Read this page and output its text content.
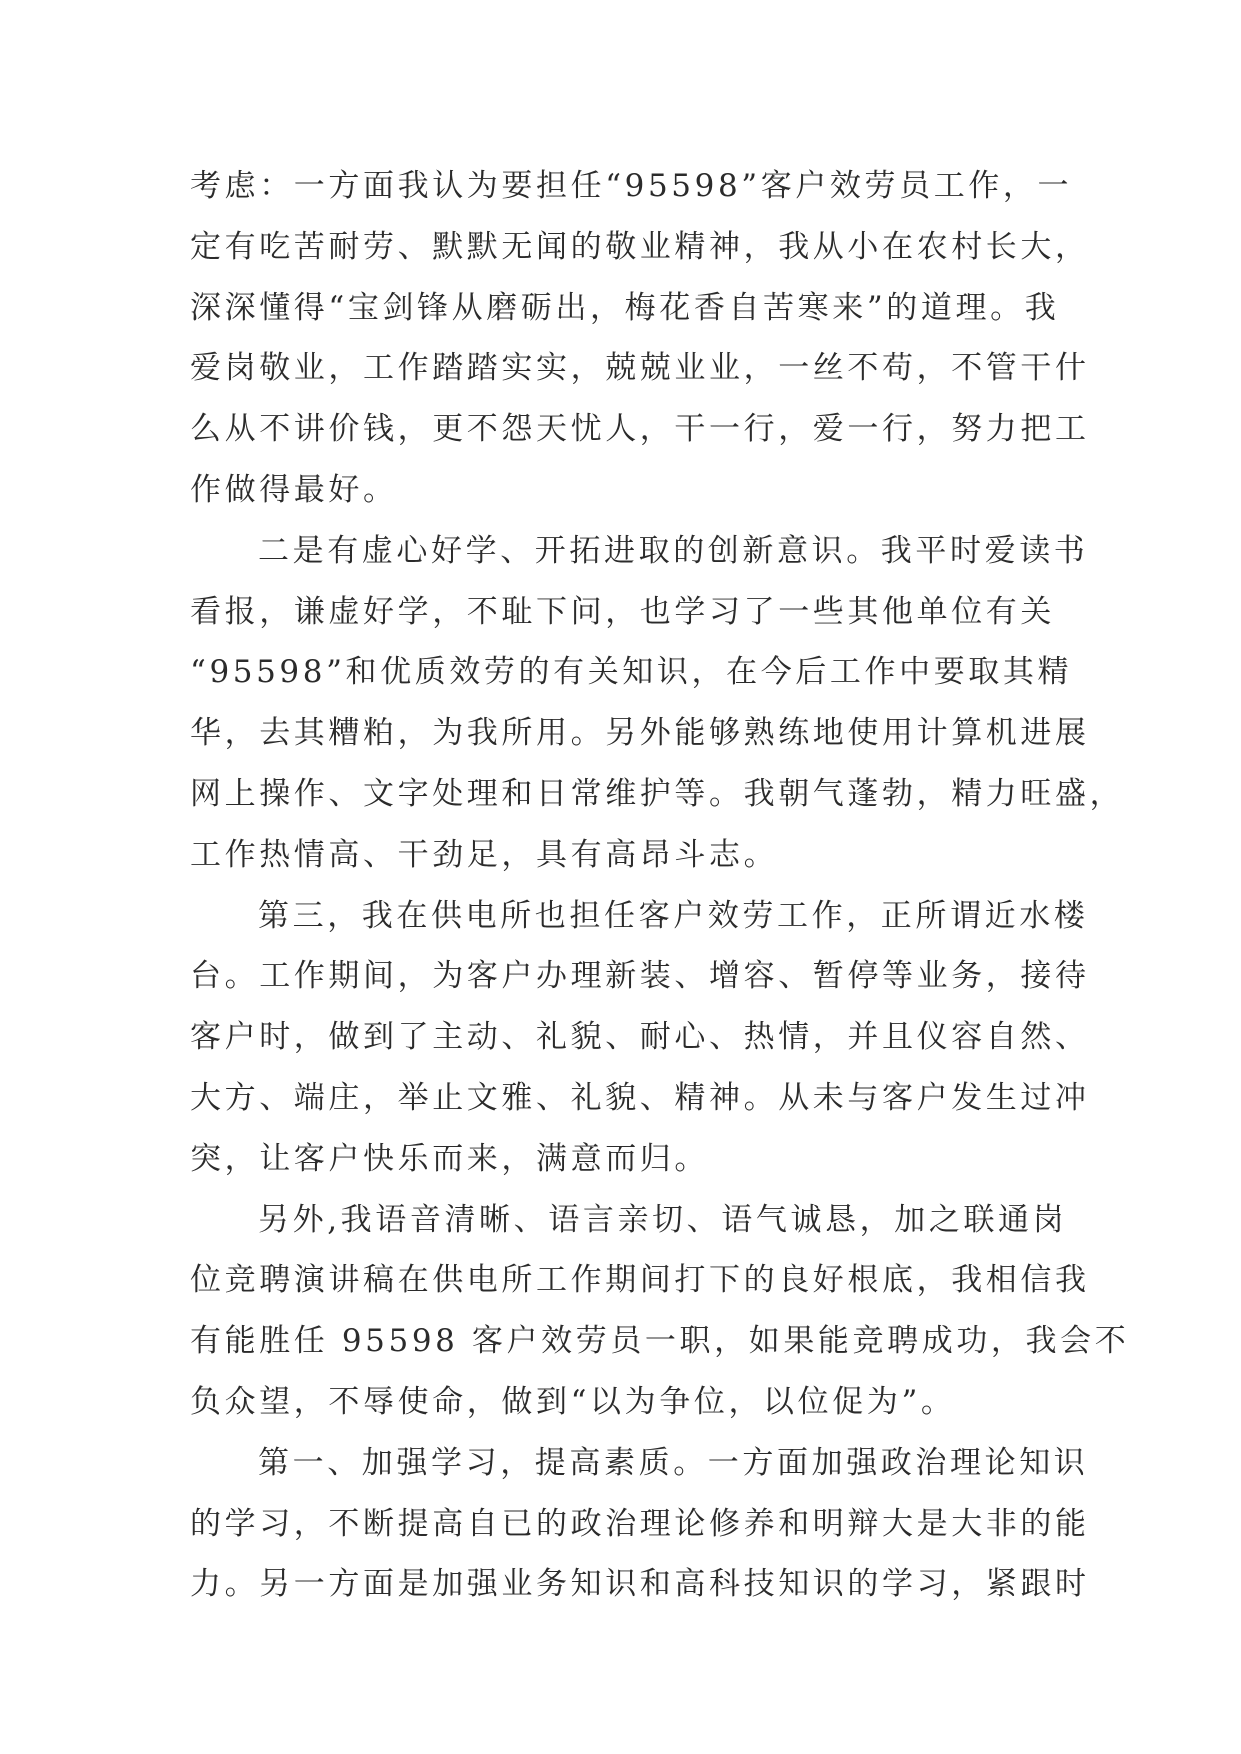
考虑：一方面我认为要担任“95598”客户效劳员工作，一
定有吃苦耐劳、默默无闻的敬业精神，我从小在农村长大，
深深懂得“宝剑锋从磨砺出，梅花香自苦寒来”的道理。我
爱岗敬业，工作踏踏实实，兢兢业业，一丝不苟，不管干什
么从不讲价钱，更不怨天忧人，干一行，爱一行，努力把工
作做得最好。
二是有虚心好学、开拓进取的创新意识。我平时爱读书
看报，谦虚好学，不耻下问，也学习了一些其他单位有关
“95598”和优质效劳的有关知识，在今后工作中要取其精
华，去其糟粕，为我所用。另外能够熟练地使用计算机进展
网上操作、文字处理和日常维护等。我朝气蓬勃，精力旺盛，
工作热情高、干劲足，具有高昂斗志。
第三，我在供电所也担任客户效劳工作，正所谓近水楼
台。工作期间，为客户办理新装、增容、暂停等业务，接待
客户时，做到了主动、礼貌、耐心、热情，并且仪容自然、
大方、端庄，举止文雅、礼貌、精神。从未与客户发生过冲
突，让客户快乐而来，满意而归。
另外,我语音清晰、语言亲切、语气诚恳，加之联通岗
位竞聘演讲稿在供电所工作期间打下的良好根底，我相信我
有能胜任 95598 客户效劳员一职，如果能竞聘成功，我会不
负众望，不辱使命，做到“以为争位，以位促为”。
第一、加强学习，提高素质。一方面加强政治理论知识
的学习，不断提高自已的政治理论修养和明辩大是大非的能
力。另一方面是加强业务知识和高科技知识的学习，紧跟时
